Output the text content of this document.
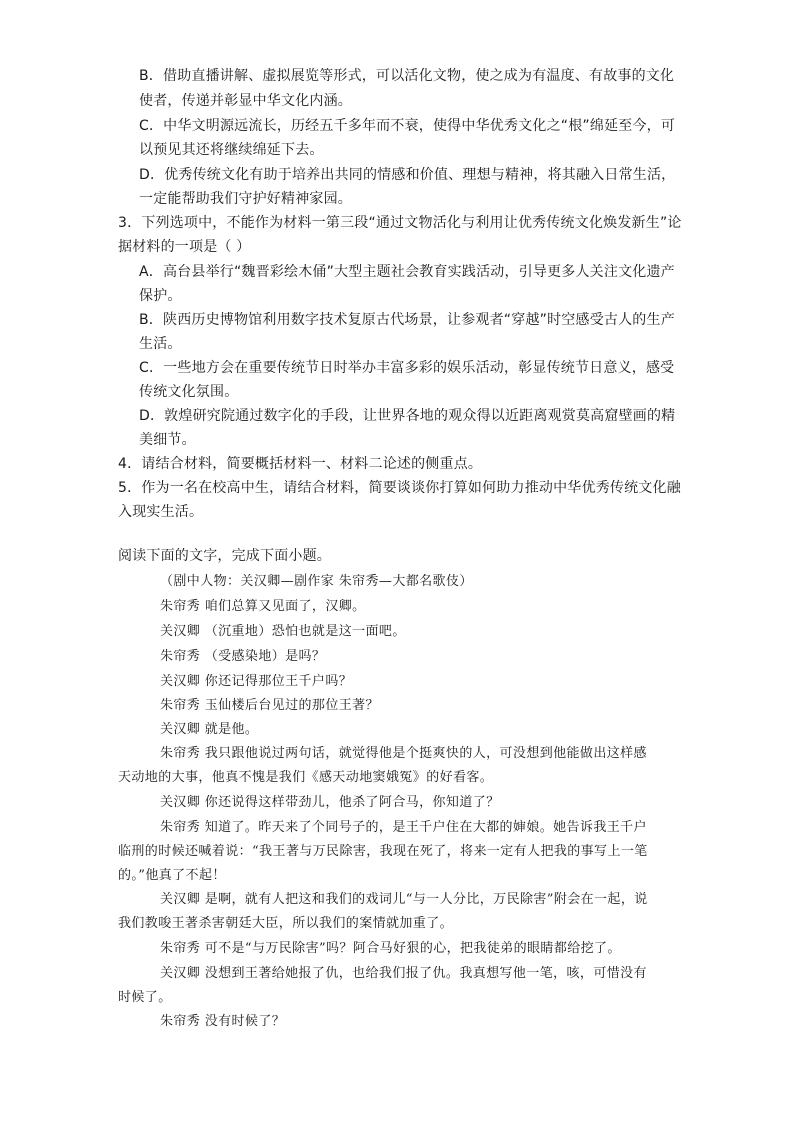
B．借助直播讲解、虚拟展览等形式，可以活化文物，使之成为有温度、有故事的文化
使者，传递并彰显中华文化内涵。
C．中华文明源远流长，历经五千多年而不衰，使得中华优秀文化之“根”绵延至今，可
以预见其还将继续绵延下去。
D．优秀传统文化有助于培养出共同的情感和价值、理想与精神，将其融入日常生活，
一定能帮助我们守护好精神家园。
3．下列选项中，不能作为材料一第三段“通过文物活化与利用让优秀传统文化焕发新生”论
据材料的一项是（ ）
A．高台县举行“魏晋彩绘木俑”大型主题社会教育实践活动，引导更多人关注文化遗产
保护。
B．陕西历史博物馆利用数字技术复原古代场景，让参观者“穿越”时空感受古人的生产
生活。
C．一些地方会在重要传统节日时举办丰富多彩的娱乐活动，彰显传统节日意义，感受
传统文化氛围。
D．敦煌研究院通过数字化的手段，让世界各地的观众得以近距离观赏莫高窟壁画的精
美细节。
4．请结合材料，简要概括材料一、材料二论述的侧重点。
5．作为一名在校高中生，请结合材料，简要谈谈你打算如何助力推动中华优秀传统文化融
入现实生活。
阅读下面的文字，完成下面小题。
（剧中人物：关汉卿—剧作家 朱帘秀—大都名歌伎）
朱帘秀 咱们总算又见面了，汉卿。
关汉卿 （沉重地）恐怕也就是这一面吧。
朱帘秀 （受感染地）是吗？
关汉卿 你还记得那位王千户吗？
朱帘秀 玉仙楼后台见过的那位王著？
关汉卿 就是他。
朱帘秀 我只跟他说过两句话，就觉得他是个挺爽快的人，可没想到他能做出这样感
天动地的大事，他真不愧是我们《感天动地窦娥冤》的好看客。
关汉卿 你还说得这样带劲儿，他杀了阿合马，你知道了？
朱帘秀 知道了。昨天来了个同号子的，是王千户住在大都的婶娘。她告诉我王千户
临刑的时候还喊着说：“我王著与万民除害，我现在死了，将来一定有人把我的事写上一笔
的。”他真了不起！
关汉卿 是啊，就有人把这和我们的戏词儿“与一人分比，万民除害”附会在一起，说
我们教唆王著杀害朝廷大臣，所以我们的案情就加重了。
朱帘秀 可不是“与万民除害”吗？阿合马好狠的心，把我徒弟的眼睛都给挖了。
关汉卿 没想到王著给她报了仇，也给我们报了仇。我真想写他一笔，咳，可惜没有
时候了。
朱帘秀 没有时候了？
